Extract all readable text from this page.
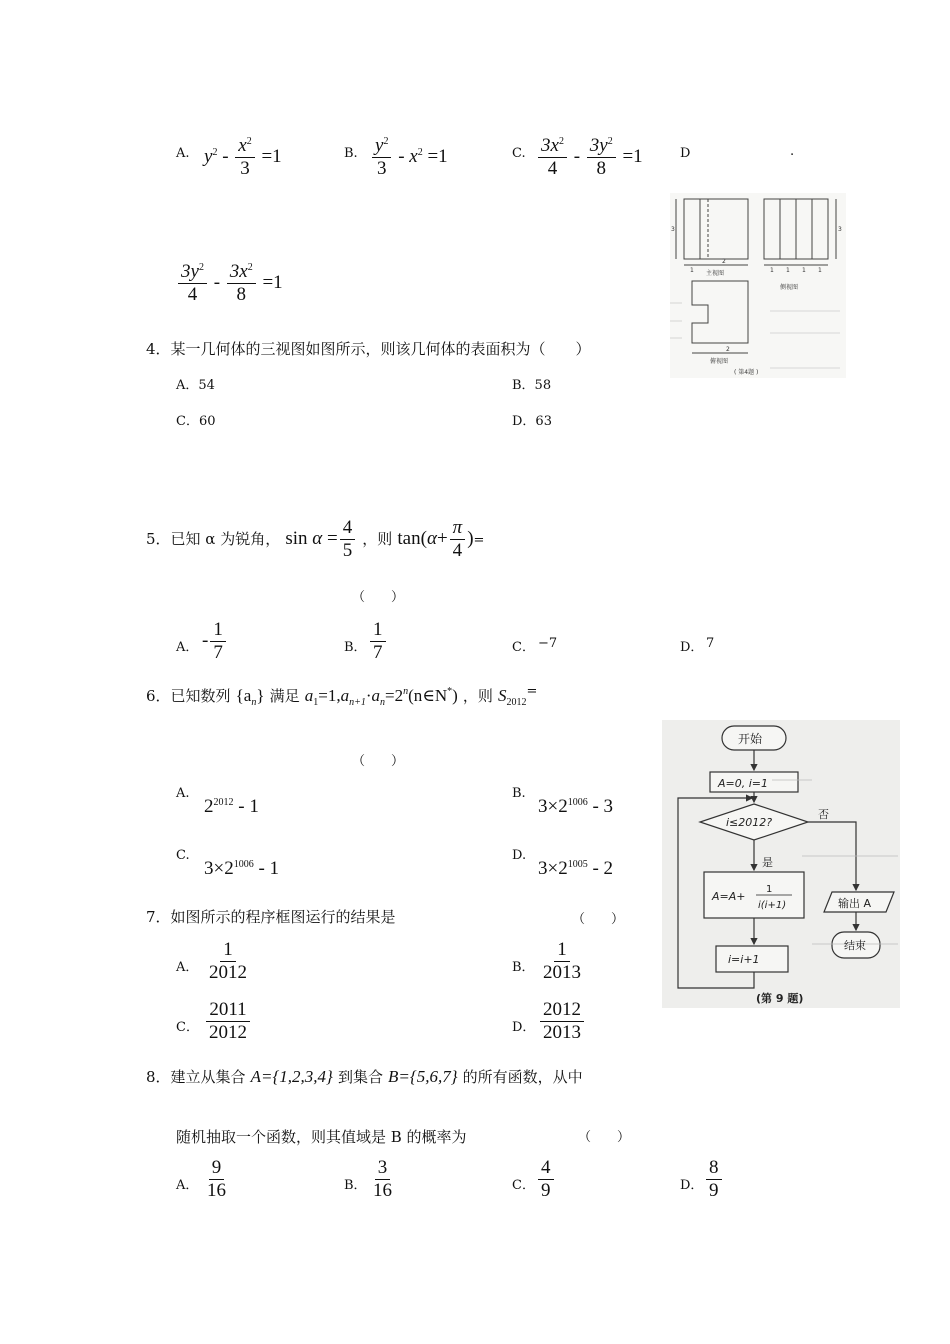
A. $y^2 - \frac{x^2}{3} =1$	B. $\frac{y^2}{3} - x^2 =1$	C. $\frac{3x^2}{4} - \frac{3y^2}{8} =1$	D	.
$\frac{3y^2}{4} - \frac{3x^2}{8} =1$
4．某一几何体的三视图如图所示，则该几何体的表面积为（　　）
A．54	B．58
C．60	D．63
3
1
2
1 1 1 1
3
2
主视图
侧视图
俯视图
( 第4题 )
5．已知 α 为锐角， $\sin \alpha = \frac{4}{5}$ ，则 $\tan(\alpha+ \frac{\pi}{4}$ )=
（　　）
A． - $\frac{1}{7}$	B． $\frac{1}{7}$	C． −7	D． 7
6．已知数列 $\{a_n\}$ 满足 $a_1=1,a_{n+1}\cdot a_n=2^n(n\in N^*)$ ，则 $S_{2012}^=$
（　　）
A.
$2^{2012} - 1$
B.
$3\times 2^{1006} - 3$
C.
$3\times 2^{1006} - 1$
D.
$3\times 2^{1005} - 2$
7．如图所示的程序框图运行的结果是	（　　）
A． $\frac{1}{2012}$	B． $\frac{1}{2013}$
C． $\frac{2011}{2012}$	D． $\frac{2012}{2013}$
开始
A=0, i=1
i≤2012?
是
否
A=A+
1
i(i+1)
i=i+1
输出 A
结束
(第 9 题)
8．建立从集合 A={1,2,3,4} 到集合 B={5,6,7} 的所有函数，从中
随机抽取一个函数，则其值域是 B 的概率为	（　　）
A． $\frac{9}{16}$	B． $\frac{3}{16}$	C． $\frac{4}{9}$	D． $\frac{8}{9}$
